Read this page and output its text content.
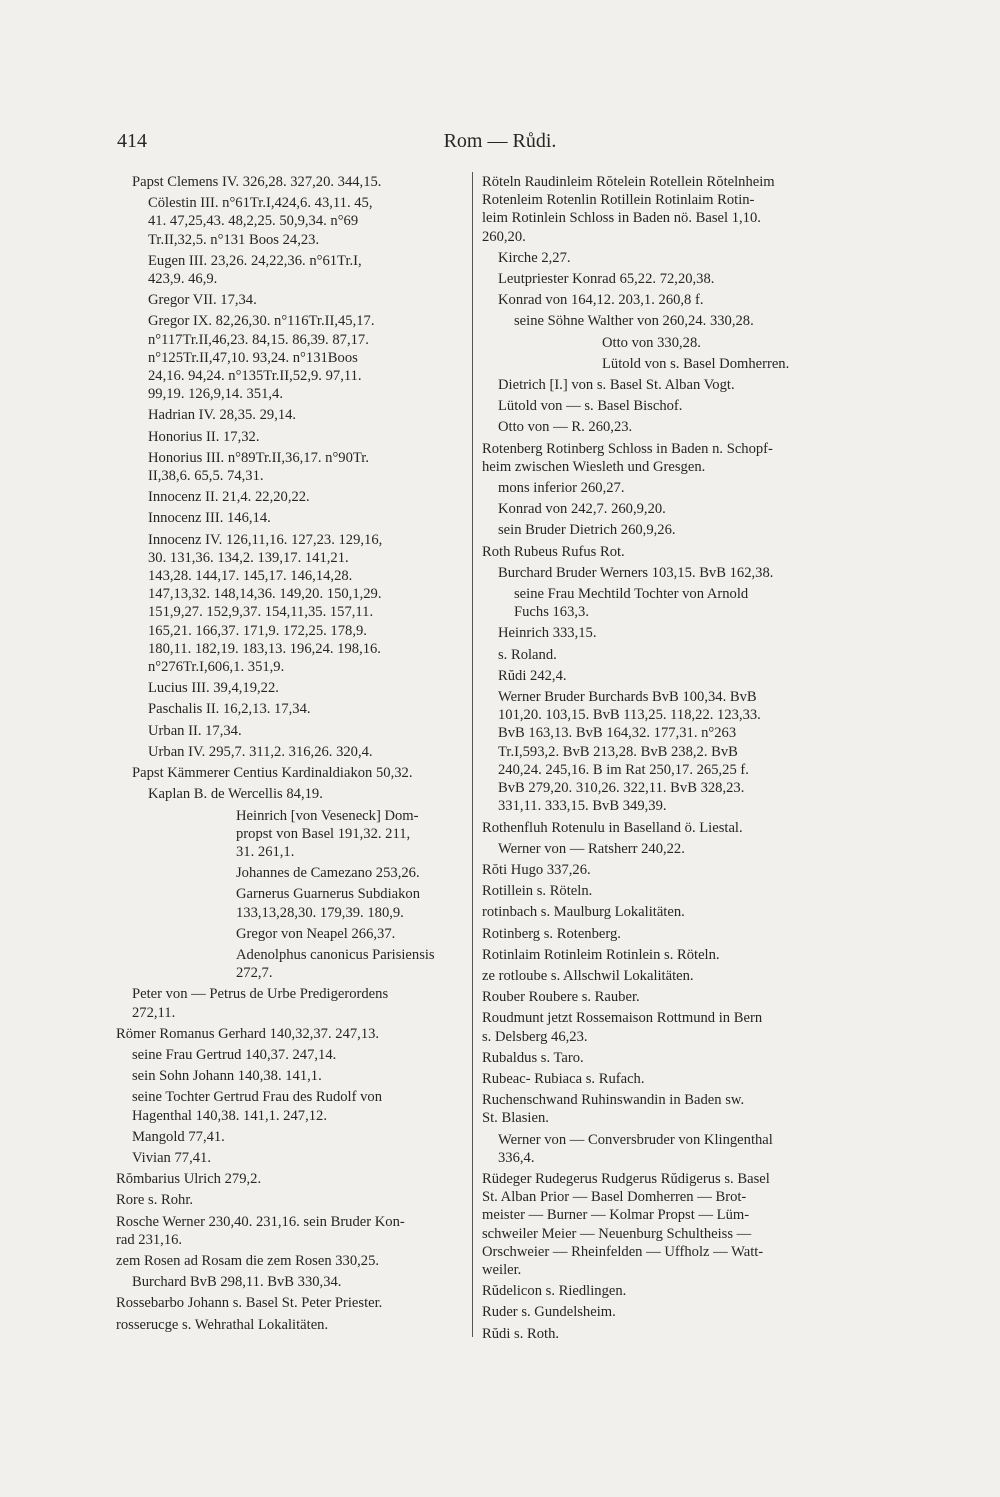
414	Rom — Růdi.
Papst Clemens IV. 326,28. 327,20. 344,15.
Cölestin III. n°61Tr.I,424,6. 43,11. 45,
41. 47,25,43. 48,2,25. 50,9,34. n°69
Tr.II,32,5. n°131 Boos 24,23.
Eugen III. 23,26. 24,22,36. n°61Tr.I,
423,9. 46,9.
Gregor VII. 17,34.
Gregor IX. 82,26,30. n°116Tr.II,45,17.
n°117Tr.II,46,23. 84,15. 86,39. 87,17.
n°125Tr.II,47,10. 93,24. n°131Boos
24,16. 94,24. n°135Tr.II,52,9. 97,11.
99,19. 126,9,14. 351,4.
Hadrian IV. 28,35. 29,14.
Honorius II. 17,32.
Honorius III. n°89Tr.II,36,17. n°90Tr.
II,38,6. 65,5. 74,31.
Innocenz II. 21,4. 22,20,22.
Innocenz III. 146,14.
Innocenz IV. 126,11,16. 127,23. 129,16,
30. 131,36. 134,2. 139,17. 141,21.
143,28. 144,17. 145,17. 146,14,28.
147,13,32. 148,14,36. 149,20. 150,1,29.
151,9,27. 152,9,37. 154,11,35. 157,11.
165,21. 166,37. 171,9. 172,25. 178,9.
180,11. 182,19. 183,13. 196,24. 198,16.
n°276Tr.I,606,1. 351,9.
Lucius III. 39,4,19,22.
Paschalis II. 16,2,13. 17,34.
Urban II. 17,34.
Urban IV. 295,7. 311,2. 316,26. 320,4.
Papst Kämmerer Centius Kardinaldiakon 50,32.
Kaplan B. de Wercellis 84,19.
Heinrich [von Veseneck] Dom-
propst von Basel 191,32. 211,
31. 261,1.
Johannes de Camezano 253,26.
Garnerus Guarnerus Subdiakon
133,13,28,30. 179,39. 180,9.
Gregor von Neapel 266,37.
Adenolphus canonicus Parisiensis
272,7.
Peter von — Petrus de Urbe Predigerordens
272,11.
Römer Romanus Gerhard 140,32,37. 247,13.
seine Frau Gertrud 140,37. 247,14.
sein Sohn Johann 140,38. 141,1.
seine Tochter Gertrud Frau des Rudolf von
Hagenthal 140,38. 141,1. 247,12.
Mangold 77,41.
Vivian 77,41.
Rŏmbarius Ulrich 279,2.
Rore s. Rohr.
Rosche Werner 230,40. 231,16. sein Bruder Kon-
rad 231,16.
zem Rosen ad Rosam die zem Rosen 330,25.
Burchard BvB 298,11. BvB 330,34.
Rossebarbo Johann s. Basel St. Peter Priester.
rosserucge s. Wehrathal Lokalitäten.
Röteln Raudinleim Rŏtelein Rotellein Rŏtelnheim
Rotenleim Rotenlin Rotillein Rotinlaim Rotin-
leim Rotinlein Schloss in Baden nö. Basel 1,10.
260,20.
Kirche 2,27.
Leutpriester Konrad 65,22. 72,20,38.
Konrad von 164,12. 203,1. 260,8 f.
seine Söhne Walther von 260,24. 330,28.
Otto von 330,28.
Lütold von s. Basel Domherren.
Dietrich [I.] von s. Basel St. Alban Vogt.
Lütold von — s. Basel Bischof.
Otto von — R. 260,23.
Rotenberg Rotinberg Schloss in Baden n. Schopf-
heim zwischen Wiesleth und Gresgen.
mons inferior 260,27.
Konrad von 242,7. 260,9,20.
sein Bruder Dietrich 260,9,26.
Roth Rubeus Rufus Rot.
Burchard Bruder Werners 103,15. BvB 162,38.
seine Frau Mechtild Tochter von Arnold
Fuchs 163,3.
Heinrich 333,15.
s. Roland.
Rŭdi 242,4.
Werner Bruder Burchards BvB 100,34. BvB
101,20. 103,15. BvB 113,25. 118,22. 123,33.
BvB 163,13. BvB 164,32. 177,31. n°263
Tr.I,593,2. BvB 213,28. BvB 238,2. BvB
240,24. 245,16. B im Rat 250,17. 265,25 f.
BvB 279,20. 310,26. 322,11. BvB 328,23.
331,11. 333,15. BvB 349,39.
Rothenfluh Rotenulu in Baselland ö. Liestal.
Werner von — Ratsherr 240,22.
Rŏti Hugo 337,26.
Rotillein s. Röteln.
rotinbach s. Maulburg Lokalitäten.
Rotinberg s. Rotenberg.
Rotinlaim Rotinleim Rotinlein s. Röteln.
ze rotloube s. Allschwil Lokalitäten.
Rouber Roubere s. Rauber.
Roudmunt jetzt Rossemaison Rottmund in Bern
s. Delsberg 46,23.
Rubaldus s. Taro.
Rubeac- Rubiaca s. Rufach.
Ruchenschwand Ruhinswandin in Baden sw.
St. Blasien.
Werner von — Conversbruder von Klingenthal
336,4.
Rüdeger Rudegerus Rudgerus Rŭdigerus s. Basel
St. Alban Prior — Basel Domherren — Brot-
meister — Burner — Kolmar Propst — Lüm-
schweiler Meier — Neuenburg Schultheiss —
Orschweier — Rheinfelden — Uffholz — Watt-
weiler.
Rŭdelicon s. Riedlingen.
Ruder s. Gundelsheim.
Rŭdi s. Roth.
